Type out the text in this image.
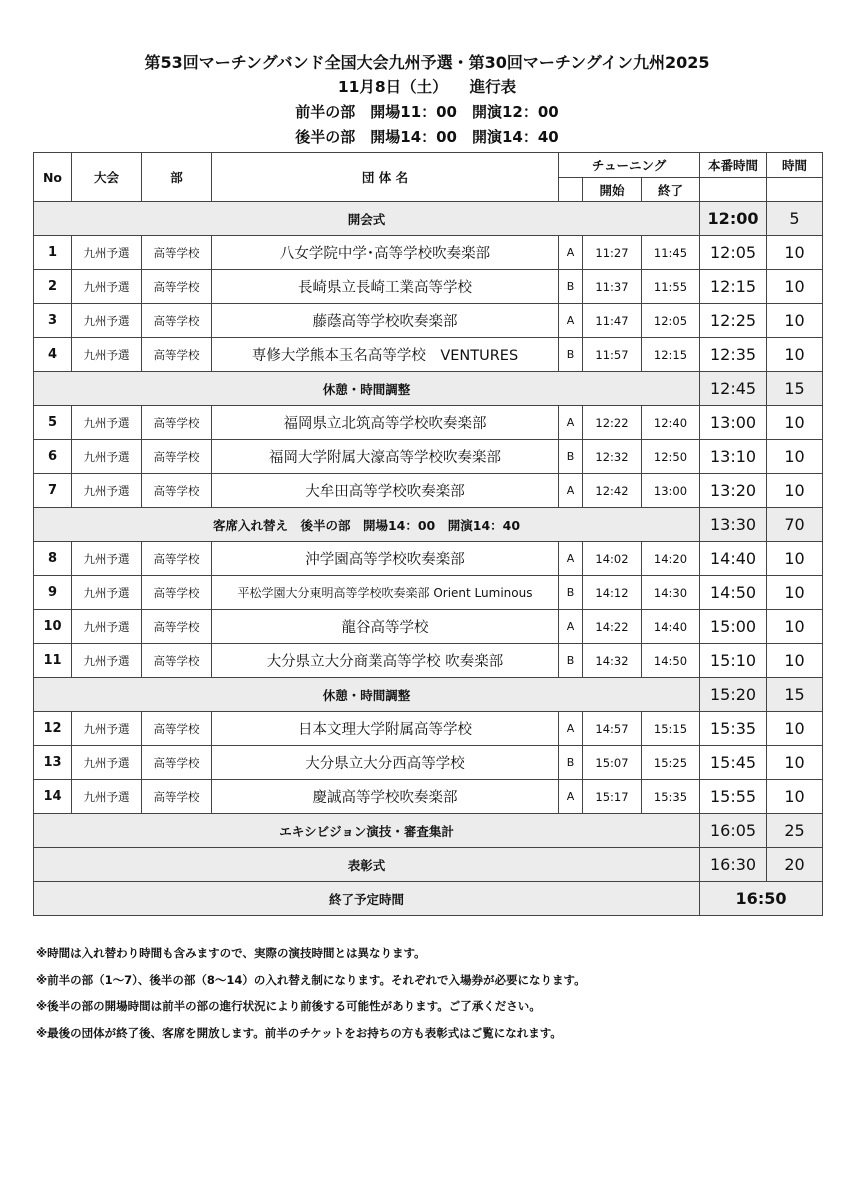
第53回マーチングバンド全国大会九州予選・第30回マーチングイン九州2025
11月8日（土） 進行表
前半の部　開場11：00　開演12：00
後半の部　開場14：00　開演14：40
No	大会	部	団 体 名	チューニング			本番時間	時間
					開始	終了		
開会式							12:00	5
1	九州予選	高等学校	八女学院中学･高等学校吹奏楽部	A	11:27	11:45	12:05	10
2	九州予選	高等学校	長崎県立長崎工業高等学校	B	11:37	11:55	12:15	10
3	九州予選	高等学校	藤蔭高等学校吹奏楽部	A	11:47	12:05	12:25	10
4	九州予選	高等学校	専修大学熊本玉名高等学校　VENTURES	B	11:57	12:15	12:35	10
休憩・時間調整							12:45	15
5	九州予選	高等学校	福岡県立北筑高等学校吹奏楽部	A	12:22	12:40	13:00	10
6	九州予選	高等学校	福岡大学附属大濠高等学校吹奏楽部	B	12:32	12:50	13:10	10
7	九州予選	高等学校	大牟田高等学校吹奏楽部	A	12:42	13:00	13:20	10
客席入れ替え　後半の部　開場14：00　開演14：40							13:30	70
8	九州予選	高等学校	沖学園高等学校吹奏楽部	A	14:02	14:20	14:40	10
9	九州予選	高等学校	平松学園大分東明高等学校吹奏楽部 Orient Luminous	B	14:12	14:30	14:50	10
10	九州予選	高等学校	龍谷高等学校	A	14:22	14:40	15:00	10
11	九州予選	高等学校	大分県立大分商業高等学校 吹奏楽部	B	14:32	14:50	15:10	10
休憩・時間調整							15:20	15
12	九州予選	高等学校	日本文理大学附属高等学校	A	14:57	15:15	15:35	10
13	九州予選	高等学校	大分県立大分西高等学校	B	15:07	15:25	15:45	10
14	九州予選	高等学校	慶誠高等学校吹奏楽部	A	15:17	15:35	15:55	10
エキシビジョン演技・審査集計							16:05	25
表彰式							16:30	20
終了予定時間							16:50	
※時間は入れ替わり時間も含みますので、実際の演技時間とは異なります。
※前半の部（1～7）、後半の部（8～14）の入れ替え制になります。それぞれで入場券が必要になります。
※後半の部の開場時間は前半の部の進行状況により前後する可能性があります。ご了承ください。
※最後の団体が終了後、客席を開放します。前半のチケットをお持ちの方も表彰式はご覧になれます。
